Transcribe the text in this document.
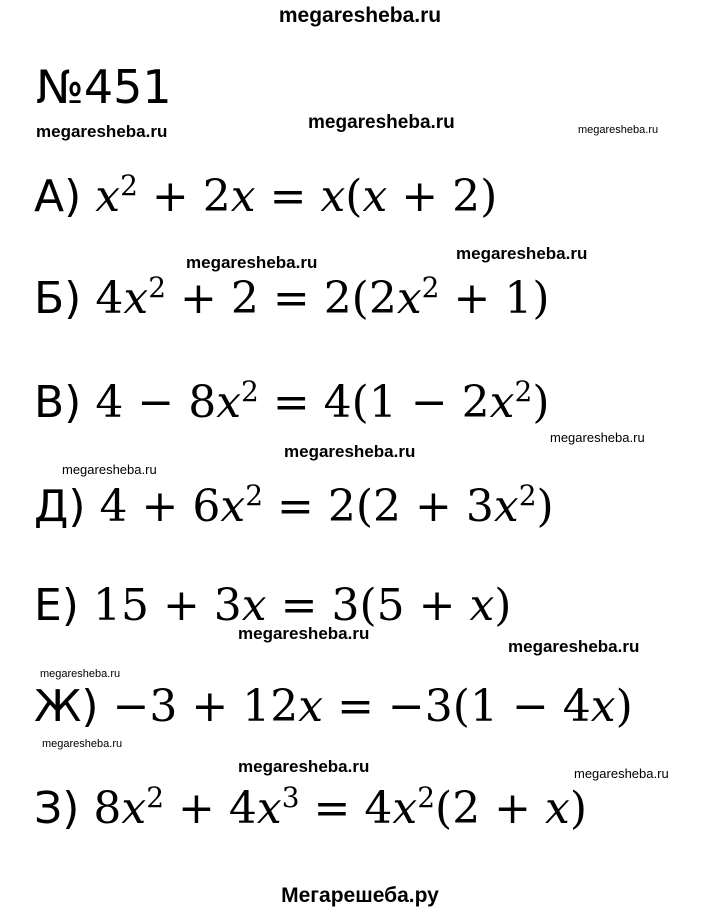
megaresheba.ru
№451
А) $x^2 + 2x = x(x + 2)$
Б) $4x^2 + 2 = 2(2x^2 + 1)$
В) $4 - 8x^2 = 4(1 - 2x^2)$
Д) $4 + 6x^2 = 2(2 + 3x^2)$
Е) 15 + 3x = 3(5 + x)
Ж) −3 + 12x = −3(1 − 4x)
З) $8x^2 + 4x^3 = 4x^2(2 + x)$
megaresheba.ru	megaresheba.ru	megaresheba.ru
megaresheba.ru	megaresheba.ru
megaresheba.ru
megaresheba.ru
megaresheba.ru
megaresheba.ru
megaresheba.ru
megaresheba.ru
megaresheba.ru
megaresheba.ru	megaresheba.ru
Мегарешеба.ру
